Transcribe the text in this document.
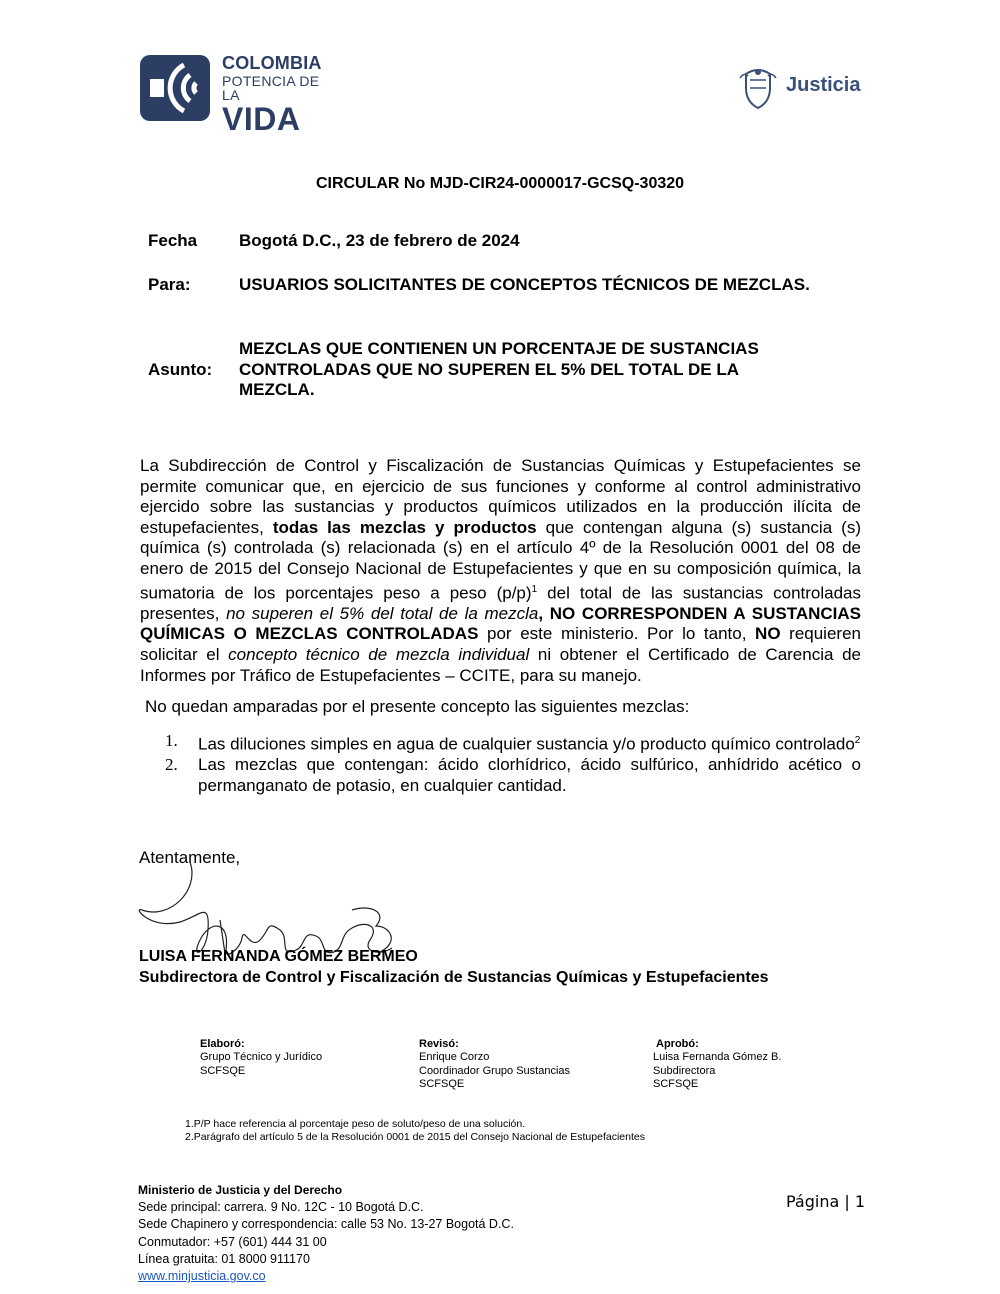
COLOMBIA
POTENCIA DE LA
VIDA
Justicia
CIRCULAR No MJD-CIR24-0000017-GCSQ-30320
Fecha Bogotá D.C., 23 de febrero de 2024
Para:	USUARIOS SOLICITANTES DE CONCEPTOS TÉCNICOS DE MEZCLAS.
Asunto:
MEZCLAS QUE CONTIENEN UN PORCENTAJE DE SUSTANCIAS
CONTROLADAS QUE NO SUPEREN EL 5% DEL TOTAL DE LA
MEZCLA.
La Subdirección de Control y Fiscalización de Sustancias Químicas y Estupefacientes se permite comunicar que, en ejercicio de sus funciones y conforme al control administrativo ejercido sobre las sustancias y productos químicos utilizados en la producción ilícita de estupefacientes, todas las mezclas y productos que contengan alguna (s) sustancia (s) química (s) controlada (s) relacionada (s) en el artículo 4º de la Resolución 0001 del 08 de enero de 2015 del Consejo Nacional de Estupefacientes y que en su composición química, la sumatoria de los porcentajes peso a peso $(p/p)^1$ del total de las sustancias controladas presentes, no superen el 5% del total de la mezcla, NO CORRESPONDEN A SUSTANCIAS QUÍMICAS O MEZCLAS CONTROLADAS por este ministerio. Por lo tanto, NO requieren solicitar el concepto técnico de mezcla individual ni obtener el Certificado de Carencia de Informes por Tráfico de Estupefacientes – CCITE, para su manejo.
No quedan amparadas por el presente concepto las siguientes mezclas:
1. Las diluciones simples en agua de cualquier sustancia y/o producto químico controlado$^2$
2. Las mezclas que contengan: ácido clorhídrico, ácido sulfúrico, anhídrido acético o permanganato de potasio, en cualquier cantidad.
Atentamente,
LUISA FERNANDA GÓMEZ BERMEO
Subdirectora de Control y Fiscalización de Sustancias Químicas y Estupefacientes
Elaboró:
Grupo Técnico y Jurídico
SCFSQE
Revisó:
Enrique Corzo
Coordinador Grupo Sustancias
SCFSQE
Aprobó:
Luisa Fernanda Gómez B.
Subdirectora
SCFSQE
1.P/P hace referencia al porcentaje peso de soluto/peso de una solución.
2.Parágrafo del artículo 5 de la Resolución 0001 de 2015 del Consejo Nacional de Estupefacientes
Ministerio de Justicia y del Derecho
Sede principal: carrera. 9 No. 12C - 10 Bogotá D.C.
Sede Chapinero y correspondencia: calle 53 No. 13-27 Bogotá D.C.
Conmutador: +57 (601) 444 31 00
Línea gratuita: 01 8000 911170
www.minjusticia.gov.co
Página | 1
